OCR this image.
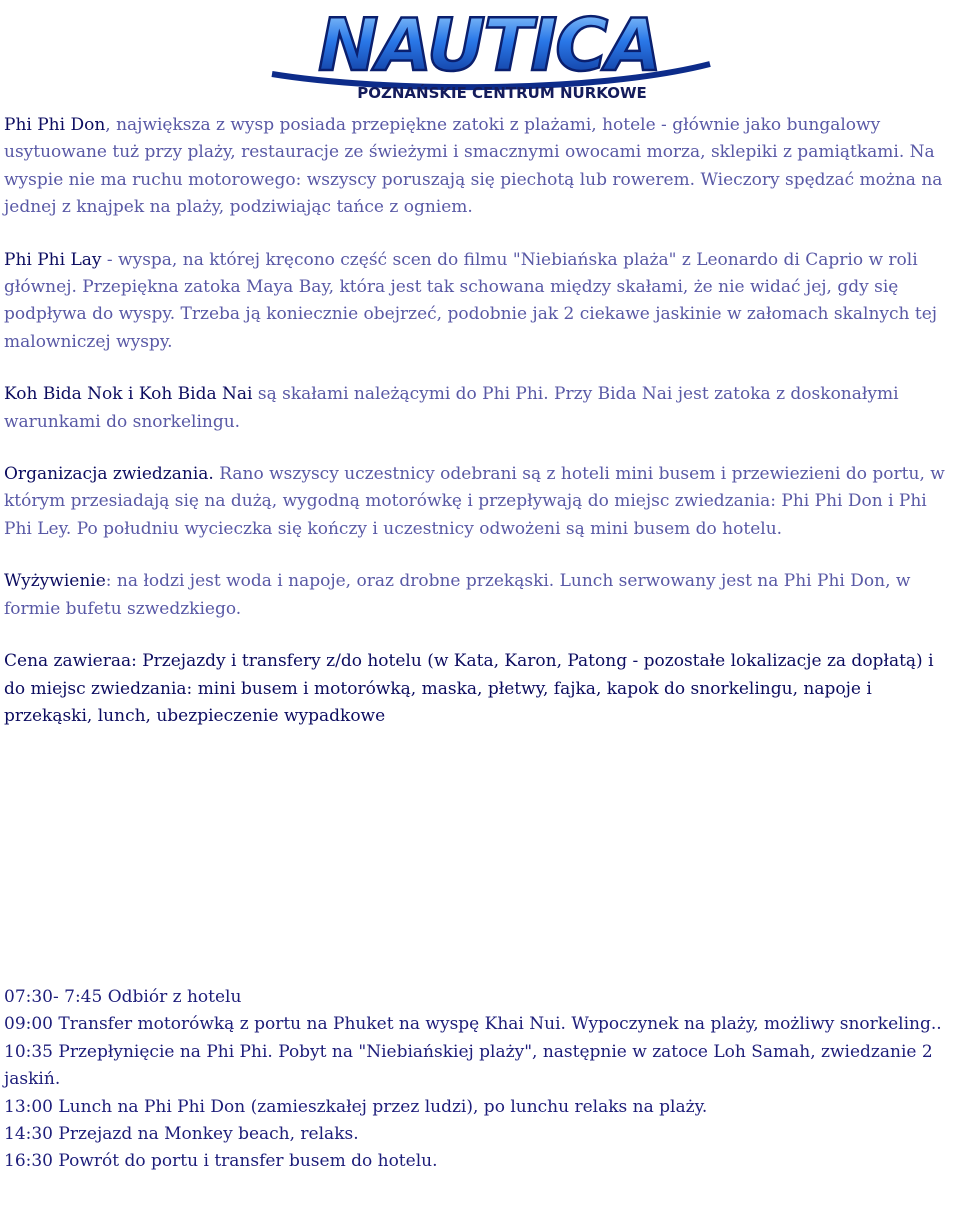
NAUTICA
POZNAŃSKIE CENTRUM NURKOWE

Phi Phi Don, największa z wysp posiada przepiękne zatoki z plażami, hotele - głównie jako bungalowy usytuowane tuż przy plaży, restauracje ze świeżymi i smacznymi owocami morza, sklepiki z pamiątkami. Na wyspie nie ma ruchu motorowego: wszyscy poruszają się piechotą lub rowerem. Wieczory spędzać można na jednej z knajpek na plaży, podziwiając tańce z ogniem.

Phi Phi Lay - wyspa, na której kręcono część scen do filmu "Niebiańska plaża" z Leonardo di Caprio w roli głównej. Przepiękna zatoka Maya Bay, która jest tak schowana między skałami, że nie widać jej, gdy się podpływa do wyspy. Trzeba ją koniecznie obejrzeć, podobnie jak 2 ciekawe jaskinie w załomach skalnych tej malowniczej wyspy.

Koh Bida Nok i Koh Bida Nai są skałami należącymi do Phi Phi. Przy Bida Nai jest zatoka z doskonałymi warunkami do snorkelingu.

Organizacja zwiedzania. Rano wszyscy uczestnicy odebrani są z hoteli mini busem i przewiezieni do portu, w którym przesiadają się na dużą, wygodną motorówkę i przepływają do miejsc zwiedzania: Phi Phi Don i Phi Phi Ley. Po południu wycieczka się kończy i uczestnicy odwożeni są mini busem do hotelu.

Wyżywienie: na łodzi jest woda i napoje, oraz drobne przekąski. Lunch serwowany jest na Phi Phi Don, w formie bufetu szwedzkiego.

Cena zawieraa: Przejazdy i transfery z/do hotelu (w Kata, Karon, Patong - pozostałe lokalizacje za dopłatą) i do miejsc zwiedzania: mini busem i motorówką, maska, płetwy, fajka, kapok do snorkelingu, napoje i przekąski, lunch, ubezpieczenie wypadkowe

07:30- 7:45 Odbiór z hotelu

09:00 Transfer motorówką z portu na Phuket na wyspę Khai Nui. Wypoczynek na plaży, możliwy snorkeling..

10:35 Przepłynięcie na Phi Phi. Pobyt na "Niebiańskiej plaży", następnie w zatoce Loh Samah, zwiedzanie 2 jaskiń.

13:00 Lunch na Phi Phi Don (zamieszkałej przez ludzi), po lunchu relaks na plaży.

14:30 Przejazd na Monkey beach, relaks.

16:30 Powrót do portu i transfer busem do hotelu.
